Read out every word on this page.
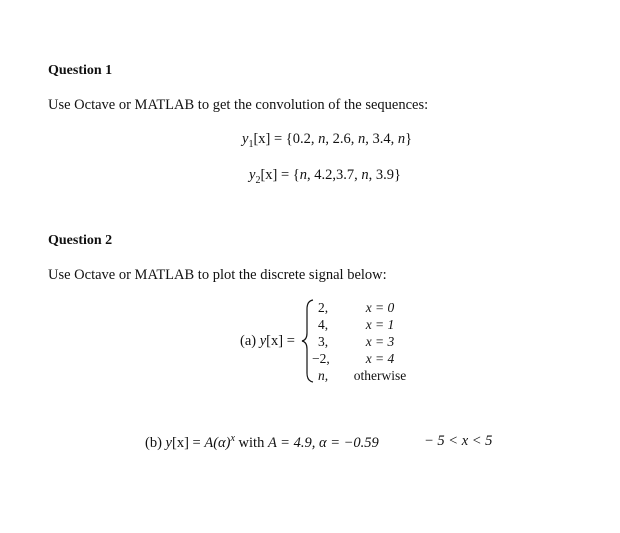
Question 1
Use Octave or MATLAB to get the convolution of the sequences:
$y_1[x] = \{0.2$, n, 2.6, n, 3.4, n}
$y_2[x] = \{n$, 4.2,3.7, n, 3.9}
Question 2
Use Octave or MATLAB to plot the discrete signal below:
(a) y[x] =
2,
4,
3,
−2,
n,
x = 0
x = 1
x = 3
x = 4
otherwise
(b) $y[x] = A(\alpha)^x$ with A = 4.9, α = −0.59	− 5 < x < 5
